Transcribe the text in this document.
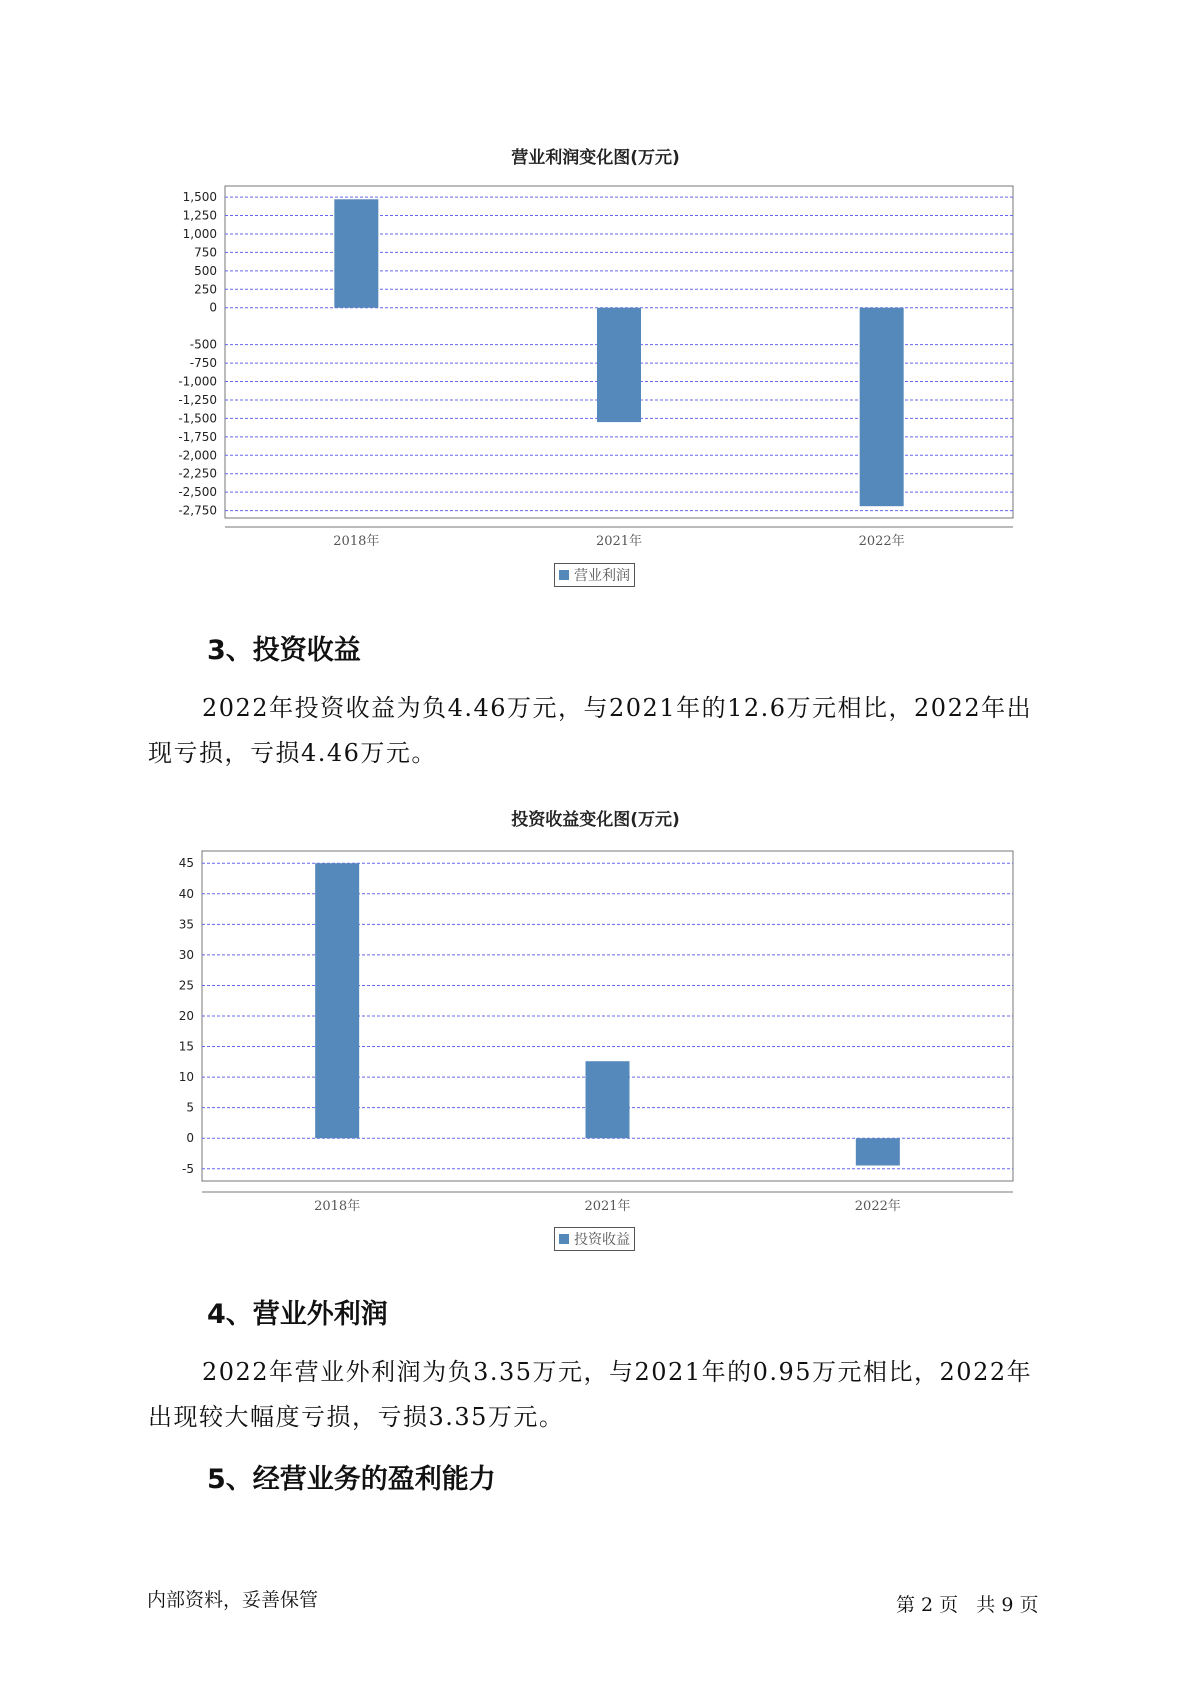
营业利润变化图(万元)
1,500
1,250
1,000
750
500
250
0
-500
-750
-1,000
-1,250
-1,500
-1,750
-2,000
-2,250
-2,500
-2,750
2018年	2021年	2022年
营业利润
3、投资收益
2022年投资收益为负4.46万元，与2021年的12.6万元相比，2022年出
现亏损，亏损4.46万元。
投资收益变化图(万元)
45
40
35
30
25
20
15
10
5
0
-5
2018年	2021年	2022年
投资收益
4、营业外利润
2022年营业外利润为负3.35万元，与2021年的0.95万元相比，2022年
出现较大幅度亏损，亏损3.35万元。
5、经营业务的盈利能力
内部资料，妥善保管	第 2 页   共 9 页
